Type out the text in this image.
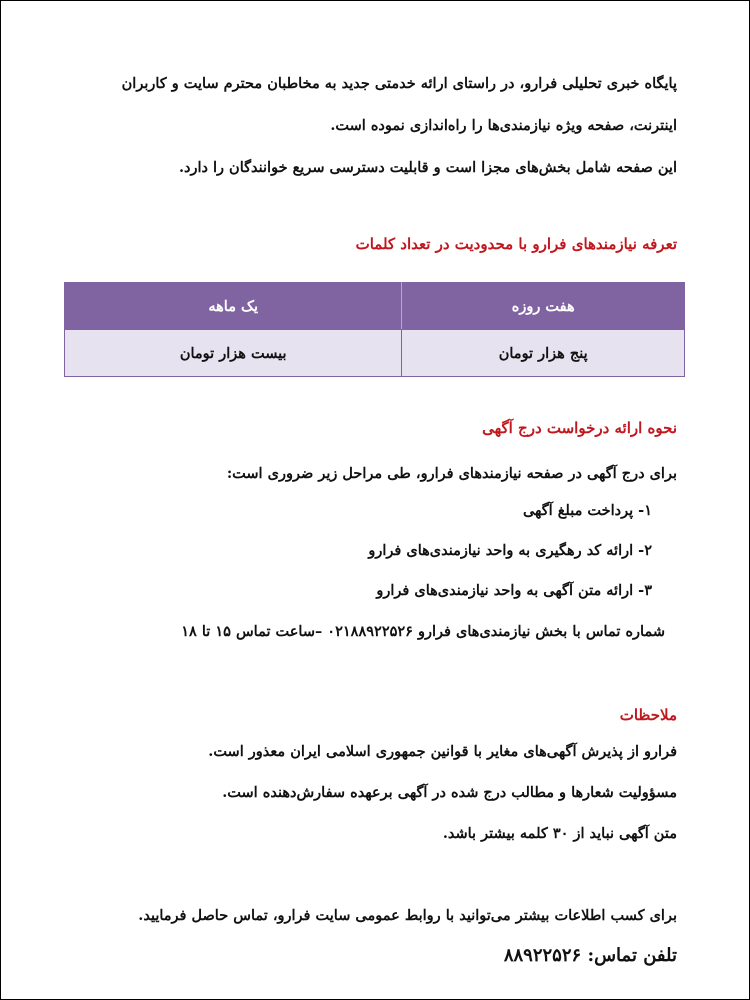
پایگاه خبری تحلیلی فرارو، در راستای ارائه خدمتی جدید به مخاطبان محترم سایت و کاربران
اینترنت، صفحه ویژه نیازمندی‌ها را راه‌اندازی نموده است.
این صفحه شامل بخش‌های مجزا است و قابلیت دسترسی سریع خوانندگان را دارد.
تعرفه نیازمندهای فرارو با محدودیت در تعداد کلمات
هفت روزه	یک ماهه
پنج هزار تومان	بیست هزار تومان
نحوه ارائه درخواست درج آگهی
برای درج آگهی در صفحه نیازمندهای فرارو، طی مراحل زیر ضروری است:
۱- پرداخت مبلغ آگهی
۲- ارائه کد رهگیری به واحد نیازمندی‌های فرارو
۳- ارائه متن آگهی به واحد نیازمندی‌های فرارو
شماره تماس با بخش نیازمندی‌های فرارو ۰۲۱۸۸۹۲۲۵۲۶ –ساعت تماس ۱۵ تا ۱۸
ملاحظات
فرارو از پذیرش آگهی‌های مغایر با قوانین جمهوری اسلامی ایران معذور است.
مسؤولیت شعارها و مطالب درج شده در آگهی برعهده سفارش‌دهنده است.
متن آگهی نباید از ۳۰ کلمه بیشتر باشد.
برای کسب اطلاعات بیشتر می‌توانید با روابط عمومی سایت فرارو، تماس حاصل فرمایید.
تلفن تماس: ۸۸۹۲۲۵۲۶
